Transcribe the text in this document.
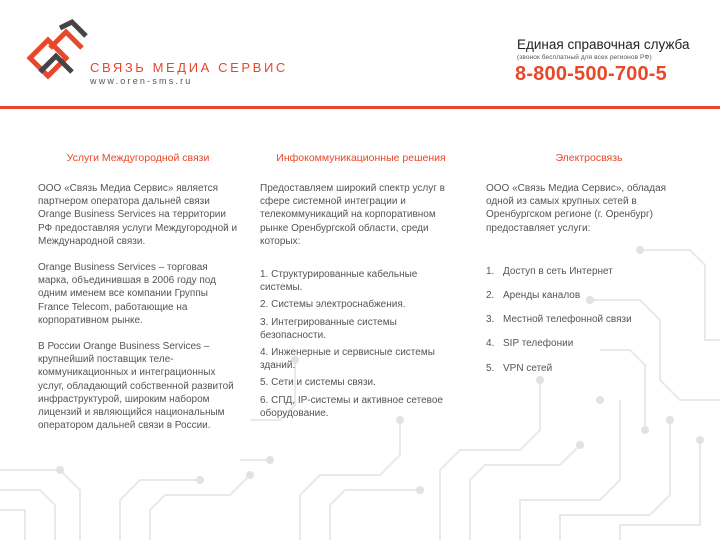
СВЯЗЬ МЕДИА СЕРВИС
www.oren-sms.ru
Единая справочная служба
(звонок бесплатный для всех регионов РФ)
8-800-500-700-5
Услуги Междугородной связи

ООО «Связь Медиа Сервис» является партнером оператора дальней связи Orange Business Services на территории РФ предоставляя услуги Междугородной и Международной связи.

Orange Business Services – торговая марка, объединившая в 2006 году под одним именем все компании Группы France Telecom, работающие на корпоративном рынке.

В России Orange Business Services – крупнейший поставщик теле-коммуникационных и интеграционных услуг, обладающий собственной развитой инфраструктурой, широким набором лицензий и являющийся национальным оператором дальней связи в России.

Инфокоммуникационные решения

Предоставляем широкий спектр услуг в сфере системной интеграции и телекоммуникаций на корпоративном рынке Оренбургской области, среди которых:

1. Структурированные кабельные системы.
2. Системы электроснабжения.
3. Интегрированные системы безопасности.
4. Инженерные и сервисные системы зданий.
5. Сети и системы связи.
6. СПД, IP-системы и активное сетевое оборудование.
Электросвязь

ООО «Связь Медиа Сервис», обладая одной из самых крупных сетей в Оренбургском регионе (г. Оренбург) предоставляет услуги:

1. Доступ в сеть Интернет
2. Аренды каналов
3. Местной телефонной связи
4. SIP телефонии
5. VPN сетей
